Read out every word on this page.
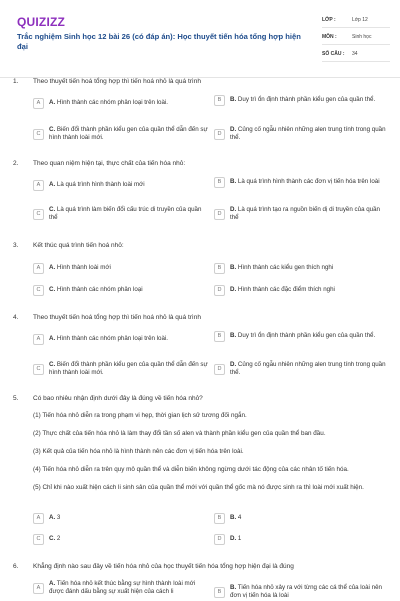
QUIZIZZ
Trắc nghiệm Sinh học 12 bài 26 (có đáp án): Học thuyết tiến hóa tổng hợp hiện đại
LỚP :	Lớp 12
MÔN :	Sinh học
SỐ CÂU :	34
1. Theo thuyết tiến hoá tổng hợp thì tiến hoá nhỏ là quá trình
A	A. Hình thành các nhóm phân loại trên loài.	B	B. Duy trì ổn định thành phần kiểu gen của quần thể.
C
C. Biến đổi thành phần kiểu gen của quần thể dẫn đến sự hình thành loài mới.
D
D. Củng cố ngẫu nhiên những alen trung tính trong quần thể.
2. Theo quan niệm hiện tại, thực chất của tiến hóa nhỏ:
A	A. Là quá trình hình thành loài mới	B	B. Là quá trình hình thành các đơn vị tiến hóa trên loài
C
C. Là quá trình làm biến đổi cấu trúc di truyền của quần thể
D
D. Là quá trình tạo ra nguồn biến dị di truyền của quần thể
3. Kết thúc quá trình tiến hoá nhỏ:
A	A. Hình thành loài mới	B	B. Hình thành các kiểu gen thích nghi
C	C. Hình thành các nhóm phân loại	D	D. Hình thành các đặc điểm thích nghi
4. Theo thuyết tiến hoá tổng hợp thì tiến hoá nhỏ là quá trình
A	A. Hình thành các nhóm phân loại trên loài.	B	B. Duy trì ổn định thành phần kiểu gen của quần thể.
C
C. Biến đổi thành phần kiểu gen của quần thể dẫn đến sự hình thành loài mới.
D
D. Củng cố ngẫu nhiên những alen trung tính trong quần thể.
5. Có bao nhiêu nhận định dưới đây là đúng về tiến hóa nhỏ?
(1) Tiến hóa nhỏ diễn ra trong phạm vi hẹp, thời gian lịch sử tương đối ngắn.
(2) Thực chất của tiến hóa nhỏ là làm thay đổi tần số alen và thành phần kiểu gen của quần thể ban đầu.
(3) Kết quả của tiến hóa nhỏ là hình thành nên các đơn vị tiến hóa trên loài.
(4) Tiến hóa nhỏ diễn ra trên quy mô quần thể và diễn biến không ngừng dưới tác động của các nhân tố tiến hóa.
(5) Chỉ khi nào xuất hiện cách li sinh sản của quần thể mới với quần thể gốc mà nó được sinh ra thì loài mới xuất hiện.
A	A. 3	B	B. 4
C	C. 2	D	D. 1
6. Khẳng định nào sau đây về tiến hóa nhỏ của học thuyết tiến hóa tổng hợp hiện đại là đúng
A
A. Tiến hóa nhỏ kết thúc bằng sự hình thành loài mới được đánh dấu bằng sự xuất hiện của cách li	B
B. Tiến hóa nhỏ xảy ra với từng các cá thể của loài nên đơn vị tiến hóa là loài
